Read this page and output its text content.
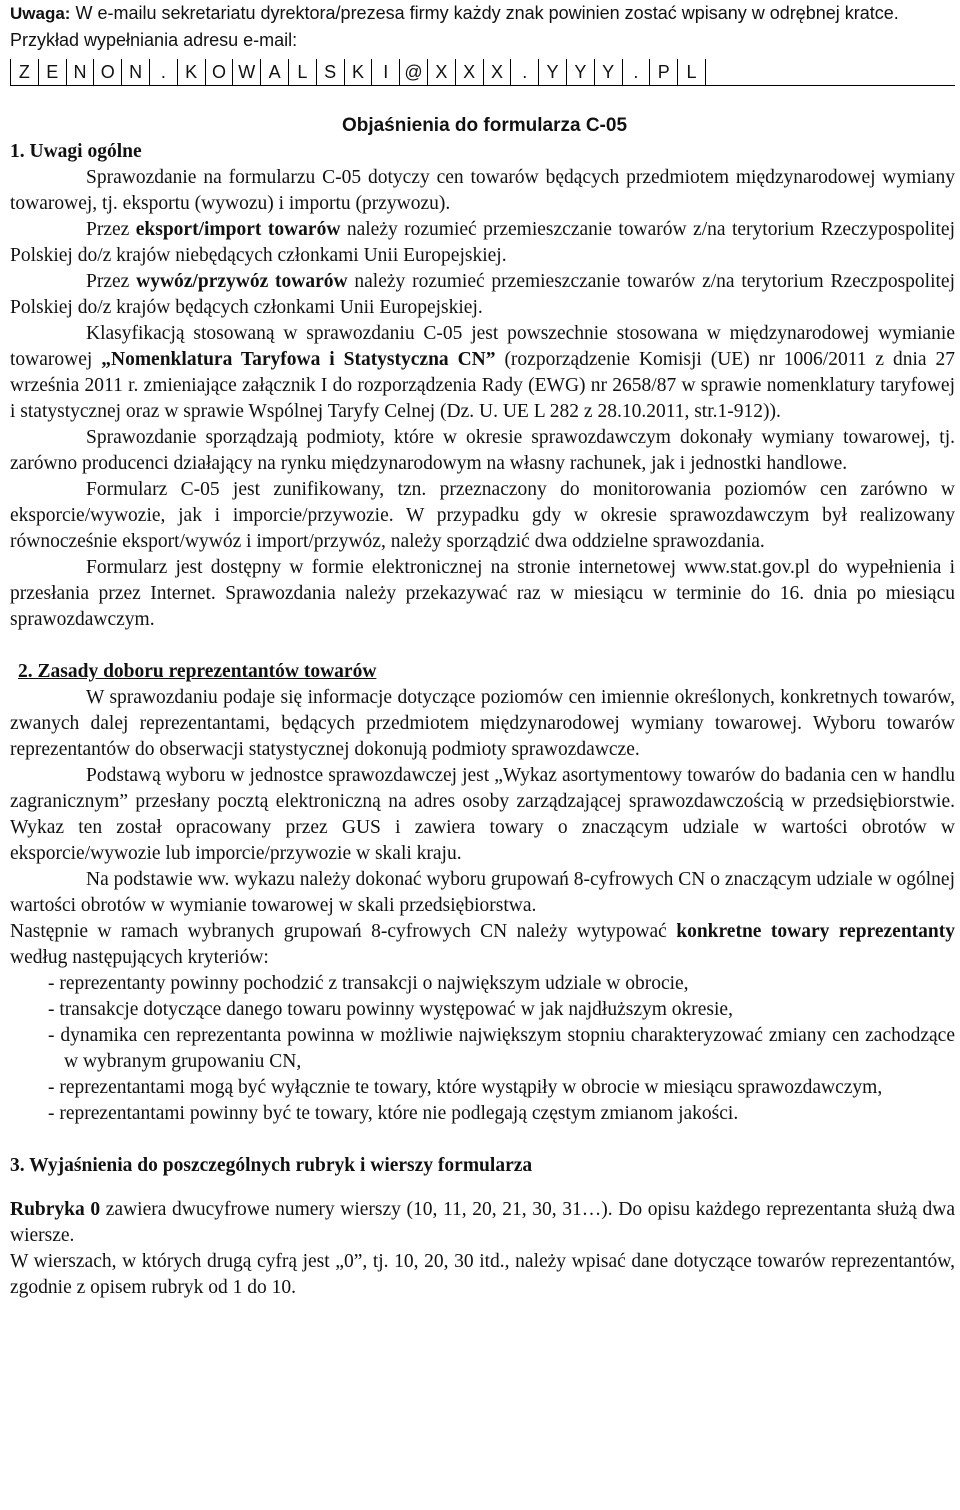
Uwaga: W e-mailu sekretariatu dyrektora/prezesa firmy każdy znak powinien zostać wpisany w odrębnej kratce. Przykład wypełniania adresu e-mail:
Z E N O N	.	K O W A L S K	I @ X X X	.	Y Y Y	.	P L
Objaśnienia do formularza C-05
1. Uwagi ogólne

Sprawozdanie na formularzu C-05 dotyczy cen towarów będących przedmiotem międzynarodowej wymiany towarowej, tj. eksportu (wywozu) i importu (przywozu).

Przez eksport/import towarów należy rozumieć przemieszczanie towarów z/na terytorium Rzeczypospolitej Polskiej do/z krajów niebędących członkami Unii Europejskiej.

Przez wywóz/przywóz towarów należy rozumieć przemieszczanie towarów z/na terytorium Rzeczpospolitej Polskiej do/z krajów będących członkami Unii Europejskiej.

Klasyfikacją stosowaną w sprawozdaniu C-05 jest powszechnie stosowana w międzynarodowej wymianie towarowej „Nomenklatura Taryfowa i Statystyczna CN” (rozporządzenie Komisji (UE) nr 1006/2011 z dnia 27 września 2011 r. zmieniające załącznik I do rozporządzenia Rady (EWG) nr 2658/87 w sprawie nomenklatury taryfowej i statystycznej oraz w sprawie Wspólnej Taryfy Celnej (Dz. U. UE L 282 z 28.10.2011, str.1-912)).

Sprawozdanie sporządzają podmioty, które w okresie sprawozdawczym dokonały wymiany towarowej, tj. zarówno producenci działający na rynku międzynarodowym na własny rachunek, jak i jednostki handlowe.

Formularz C-05 jest zunifikowany, tzn. przeznaczony do monitorowania poziomów cen zarówno w eksporcie/wywozie, jak i imporcie/przywozie. W przypadku gdy w okresie sprawozdawczym był realizowany równocześnie eksport/wywóz i import/przywóz, należy sporządzić dwa oddzielne sprawozdania.

Formularz jest dostępny w formie elektronicznej na stronie internetowej www.stat.gov.pl do wypełnienia i przesłania przez Internet. Sprawozdania należy przekazywać raz w miesiącu w terminie do 16. dnia po miesiącu sprawozdawczym.

2. Zasady doboru reprezentantów towarów

W sprawozdaniu podaje się informacje dotyczące poziomów cen imiennie określonych, konkretnych towarów, zwanych dalej reprezentantami, będących przedmiotem międzynarodowej wymiany towarowej. Wyboru towarów reprezentantów do obserwacji statystycznej dokonują podmioty sprawozdawcze.

Podstawą wyboru w jednostce sprawozdawczej jest „Wykaz asortymentowy towarów do badania cen w handlu zagranicznym” przesłany pocztą elektroniczną na adres osoby zarządzającej sprawozdawczością w przedsiębiorstwie. Wykaz ten został opracowany przez GUS i zawiera towary o znaczącym udziale w wartości obrotów w eksporcie/wywozie lub imporcie/przywozie w skali kraju.

Na podstawie ww. wykazu należy dokonać wyboru grupowań 8-cyfrowych CN o znaczącym udziale w ogólnej wartości obrotów w wymianie towarowej w skali przedsiębiorstwa.

Następnie w ramach wybranych grupowań 8-cyfrowych CN należy wytypować konkretne towary reprezentanty według następujących kryteriów:

- reprezentanty powinny pochodzić z transakcji o największym udziale w obrocie,
- transakcje dotyczące danego towaru powinny występować w jak najdłuższym okresie,
- dynamika cen reprezentanta powinna w możliwie największym stopniu charakteryzować zmiany cen zachodzące w wybranym grupowaniu CN,
- reprezentantami mogą być wyłącznie te towary, które wystąpiły w obrocie w miesiącu sprawozdawczym,
- reprezentantami powinny być te towary, które nie podlegają częstym zmianom jakości.
3. Wyjaśnienia do poszczególnych rubryk i wierszy formularza

Rubryka 0 zawiera dwucyfrowe numery wierszy (10, 11, 20, 21, 30, 31…). Do opisu każdego reprezentanta służą dwa wiersze.

W wierszach, w których drugą cyfrą jest „0”, tj. 10, 20, 30 itd., należy wpisać dane dotyczące towarów reprezentantów, zgodnie z opisem rubryk od 1 do 10.
